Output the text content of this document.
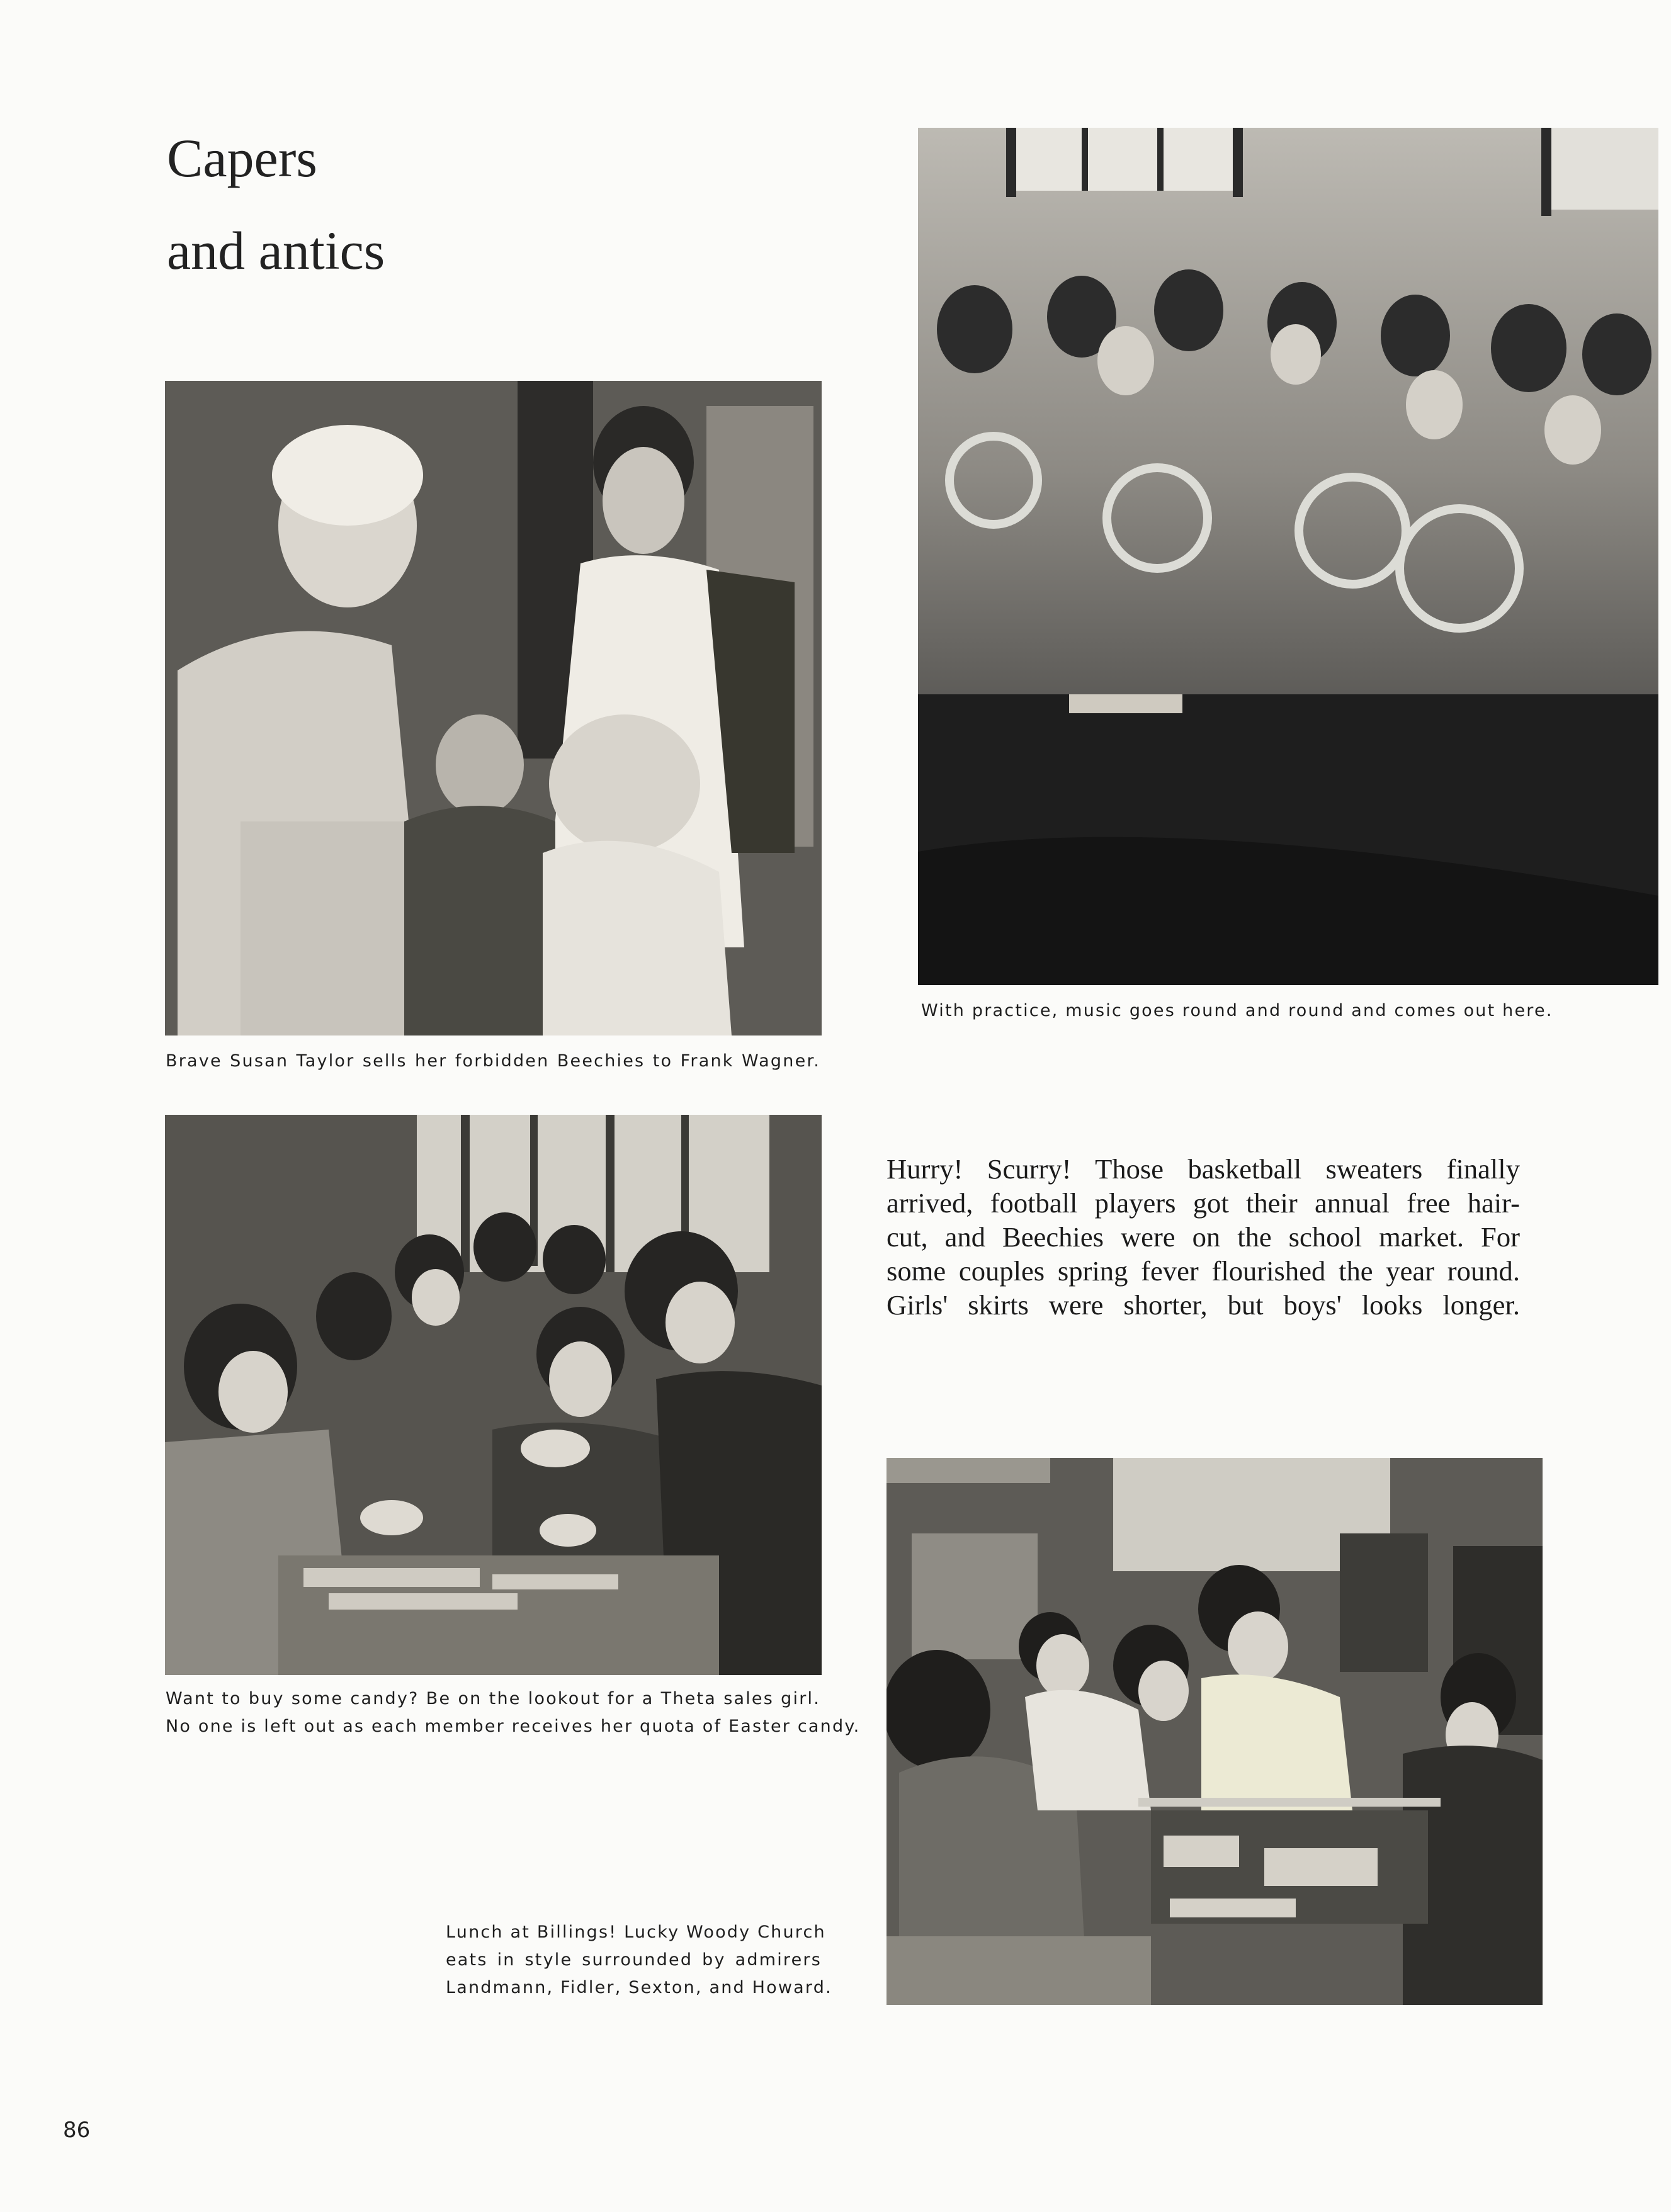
Capers
and antics
With practice, music goes round and round and comes out here.
Brave Susan Taylor sells her forbidden Beechies to Frank Wagner.
Want to buy some candy? Be on the lookout for a Theta sales girl.
No one is left out as each member receives her quota of Easter candy.
Hurry! Scurry! Those basketball sweaters finally
arrived, football players got their annual free hair-
cut, and Beechies were on the school market. For
some couples spring fever flourished the year round.
Girls' skirts were shorter, but boys' looks longer.
Lunch at Billings! Lucky Woody Church
eats in style surrounded by admirers
Landmann, Fidler, Sexton, and Howard.
86
